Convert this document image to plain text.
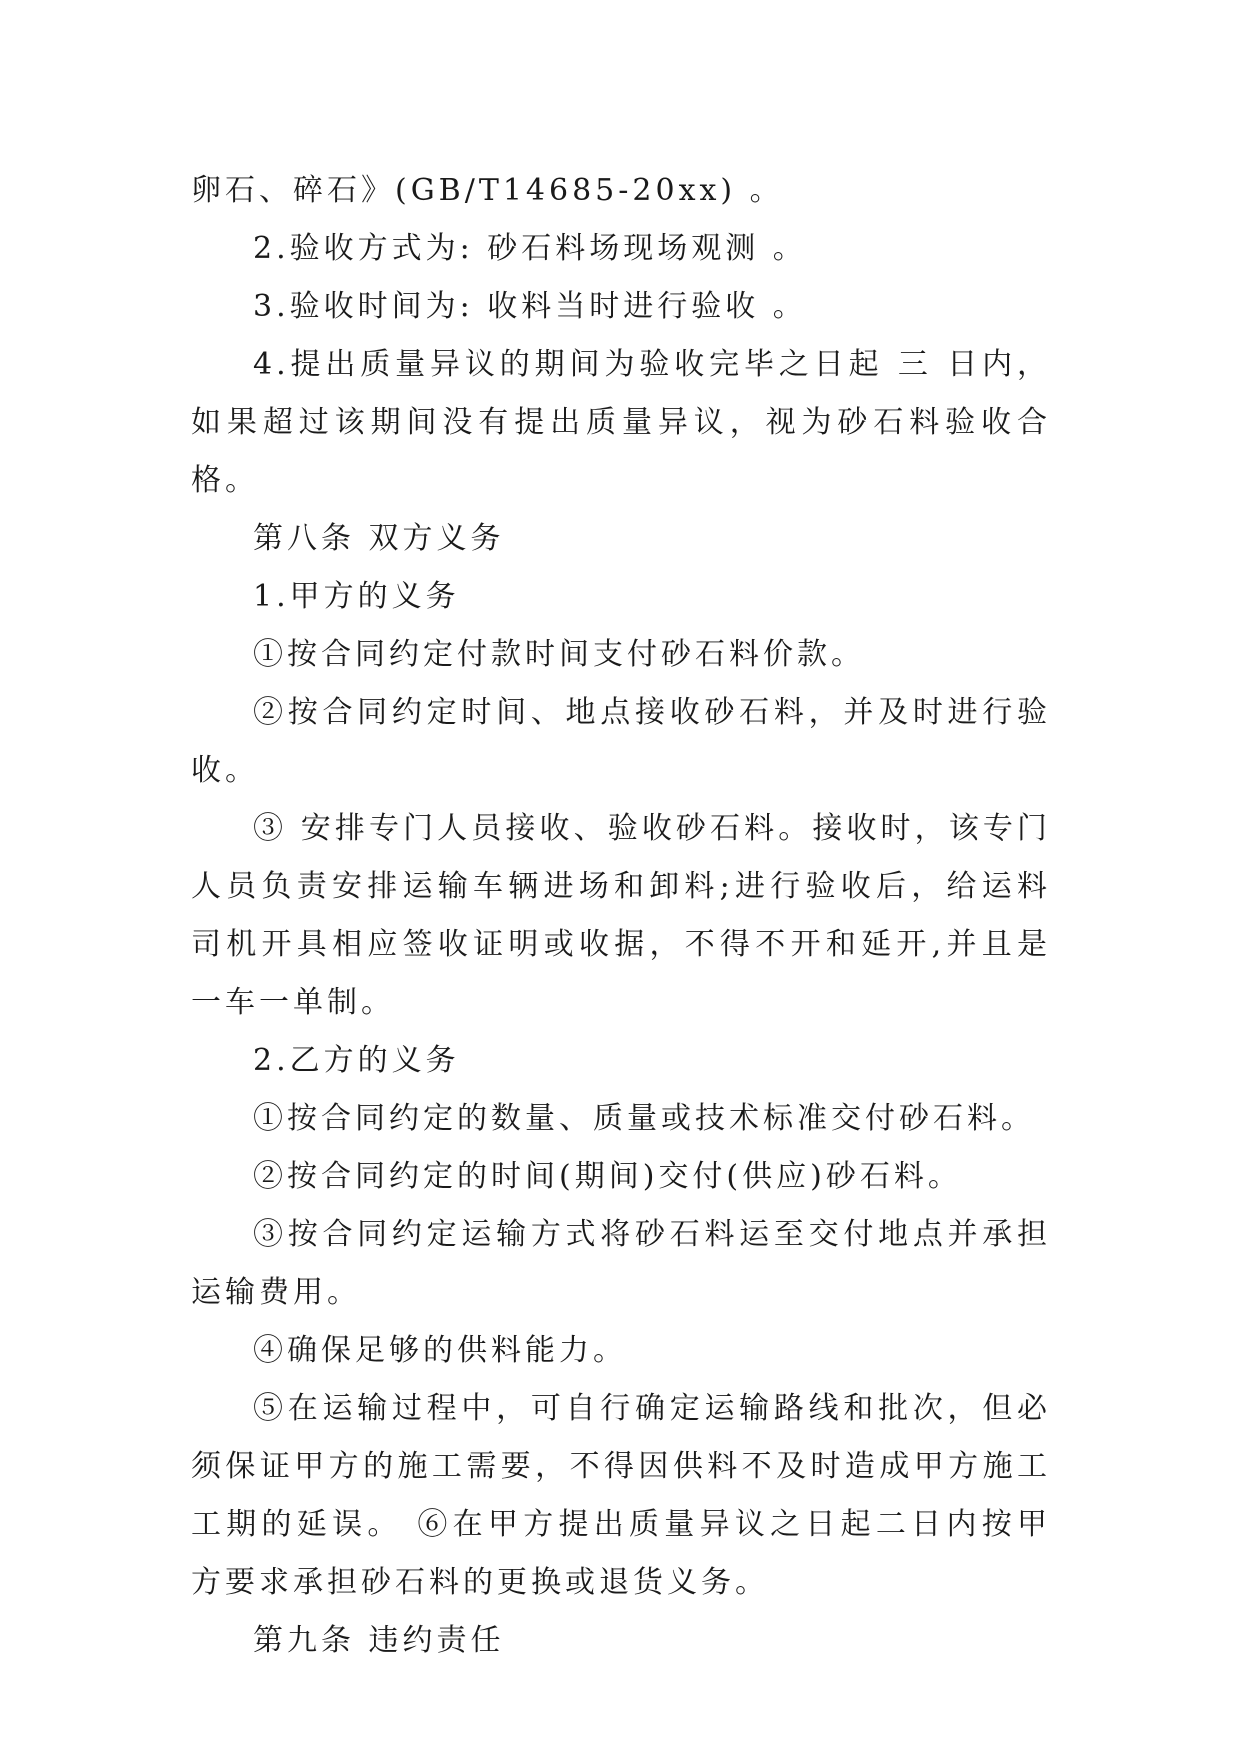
卵石、碎石》(GB/T14685-20xx) 。

2.验收方式为: 砂石料场现场观测 。

3.验收时间为: 收料当时进行验收 。

4.提出质量异议的期间为验收完毕之日起 三 日内，如果超过该期间没有提出质量异议，视为砂石料验收合格。

第八条 双方义务

1.甲方的义务

①按合同约定付款时间支付砂石料价款。

②按合同约定时间、地点接收砂石料，并及时进行验收。

③ 安排专门人员接收、验收砂石料。接收时，该专门人员负责安排运输车辆进场和卸料;进行验收后，给运料司机开具相应签收证明或收据，不得不开和延开,并且是一车一单制。

2.乙方的义务

①按合同约定的数量、质量或技术标准交付砂石料。

②按合同约定的时间(期间)交付(供应)砂石料。

③按合同约定运输方式将砂石料运至交付地点并承担运输费用。

④确保足够的供料能力。

⑤在运输过程中，可自行确定运输路线和批次，但必须保证甲方的施工需要，不得因供料不及时造成甲方施工工期的延误。 ⑥在甲方提出质量异议之日起二日内按甲方要求承担砂石料的更换或退货义务。

第九条 违约责任
